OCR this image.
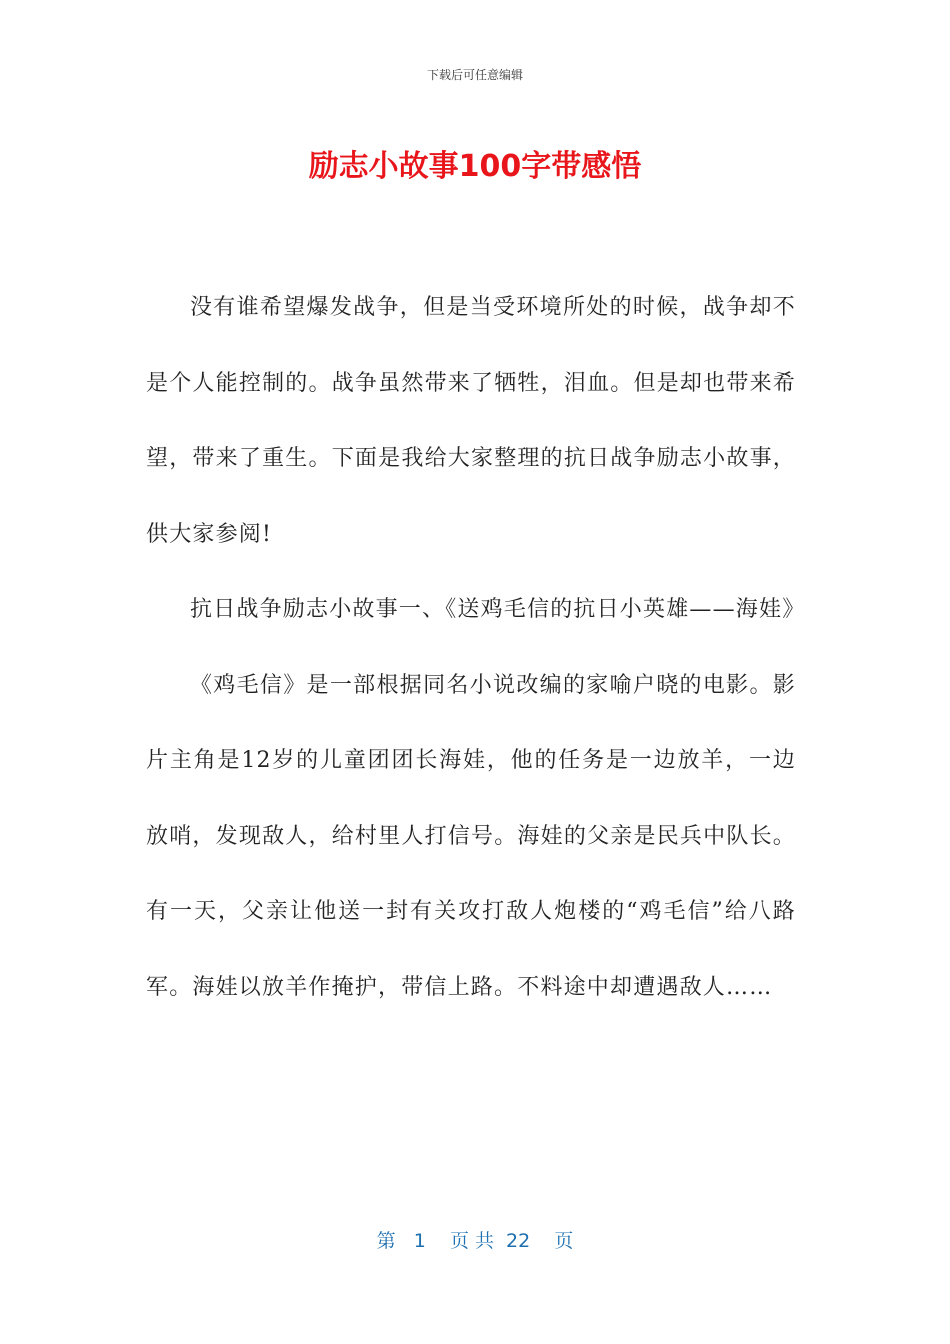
下载后可任意编辑
励志小故事100字带感悟

没有谁希望爆发战争，但是当受环境所处的时候，战争却不是个人能控制的。战争虽然带来了牺牲，泪血。但是却也带来希望，带来了重生。下面是我给大家整理的抗日战争励志小故事，供大家参阅!

抗日战争励志小故事一、《送鸡毛信的抗日小英雄——海娃》

《鸡毛信》是一部根据同名小说改编的家喻户晓的电影。影片主角是12岁的儿童团团长海娃，他的任务是一边放羊，一边放哨，发现敌人，给村里人打信号。海娃的父亲是民兵中队长。有一天，父亲让他送一封有关攻打敌人炮楼的“鸡毛信”给八路军。海娃以放羊作掩护，带信上路。不料途中却遭遇敌人……

第   1    页 共  22    页
